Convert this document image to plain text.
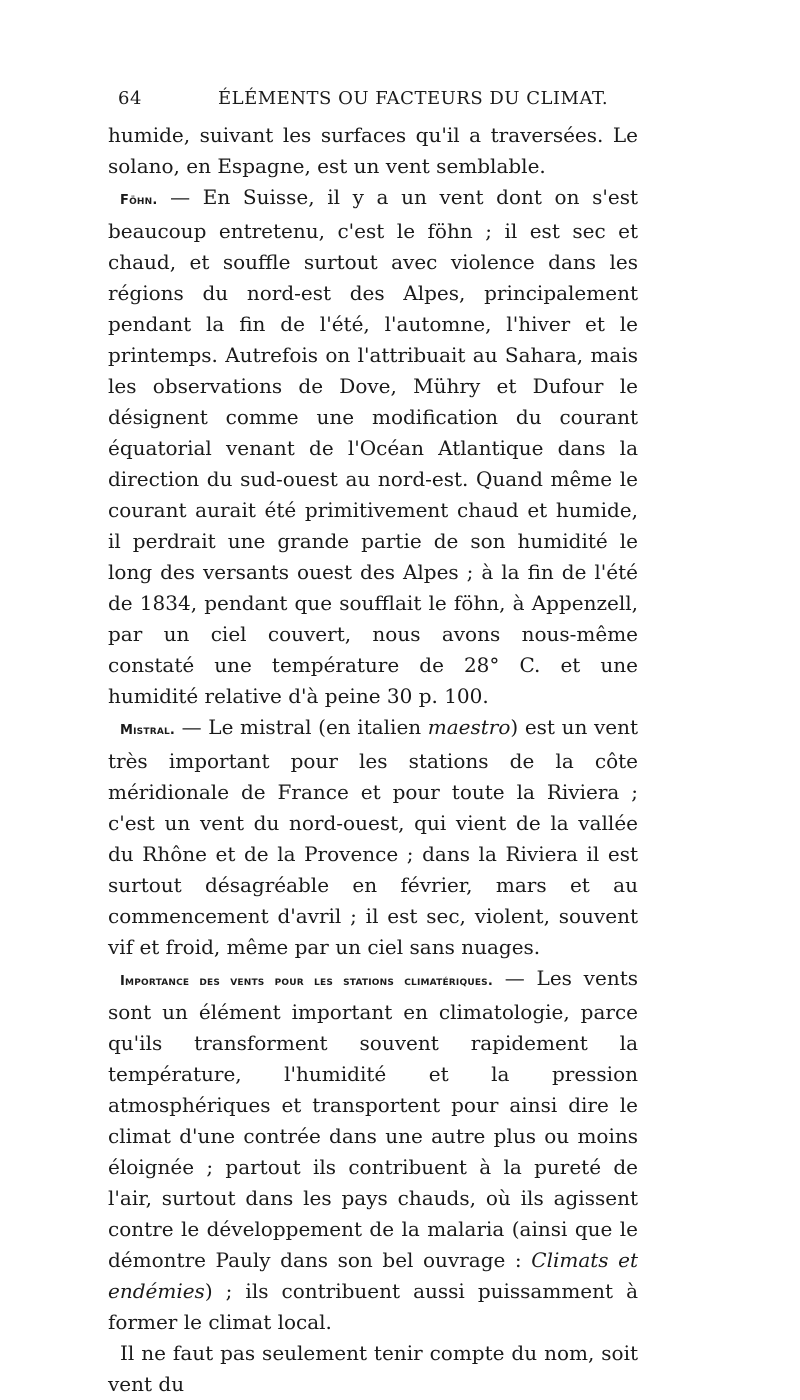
64	ÉLÉMENTS OU FACTEURS DU CLIMAT.

humide, suivant les surfaces qu'il a traversées. Le solano, en Espagne, est un vent semblable.

Föhn. — En Suisse, il y a un vent dont on s'est beaucoup entretenu, c'est le föhn ; il est sec et chaud, et souffle surtout avec violence dans les régions du nord-est des Alpes, principalement pendant la fin de l'été, l'automne, l'hiver et le printemps. Autrefois on l'attribuait au Sahara, mais les observations de Dove, Mühry et Dufour le désignent comme une modification du courant équatorial venant de l'Océan Atlantique dans la direction du sud-ouest au nord-est. Quand même le courant aurait été primitivement chaud et humide, il perdrait une grande partie de son humidité le long des versants ouest des Alpes ; à la fin de l'été de 1834, pendant que soufflait le föhn, à Appenzell, par un ciel couvert, nous avons nous-même constaté une température de 28° C. et une humidité relative d'à peine 30 p. 100.

Mistral. — Le mistral (en italien maestro) est un vent très important pour les stations de la côte méridionale de France et pour toute la Riviera ; c'est un vent du nord-ouest, qui vient de la vallée du Rhône et de la Provence ; dans la Riviera il est surtout désagréable en février, mars et au commencement d'avril ; il est sec, violent, souvent vif et froid, même par un ciel sans nuages.

Importance des vents pour les stations climatériques. — Les vents sont un élément important en climatologie, parce qu'ils transforment souvent rapidement la température, l'humidité et la pression atmosphériques et transportent pour ainsi dire le climat d'une contrée dans une autre plus ou moins éloignée ; partout ils contribuent à la pureté de l'air, surtout dans les pays chauds, où ils agissent contre le développement de la malaria (ainsi que le démontre Pauly dans son bel ouvrage : Climats et endémies) ; ils contribuent aussi puissamment à former le climat local.

Il ne faut pas seulement tenir compte du nom, soit vent du
